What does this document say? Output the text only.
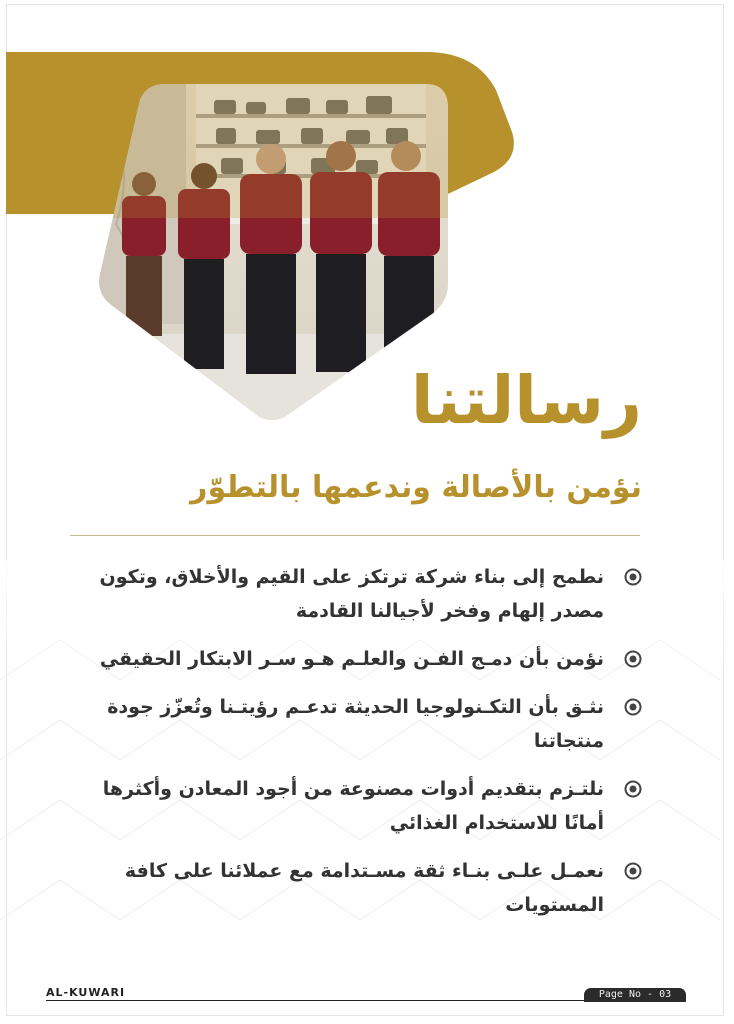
رسالتنا
نؤمن بالأصالة وندعمها بالتطوّر
نطمح إلى بناء شركة ترتكز على القيم والأخلاق، وتكون مصدر إلهام وفخر لأجيالنا القادمة
نؤمن بأن دمـج الفـن والعلـم هـو سـر الابتكار الحقيقي
نثـق بأن التكـنولوجيا الحديثة تدعـم رؤيتـنا وتُعزّز جودة منتجاتنا
نلتـزم بتقديم أدوات مصنوعة من أجود المعادن وأكثرها أمانًا للاستخدام الغذائي
نعمـل علـى بنـاء ثقة مسـتدامة مع عملائنا على كافة المستويات
AL-KUWARI	Page No - 03
